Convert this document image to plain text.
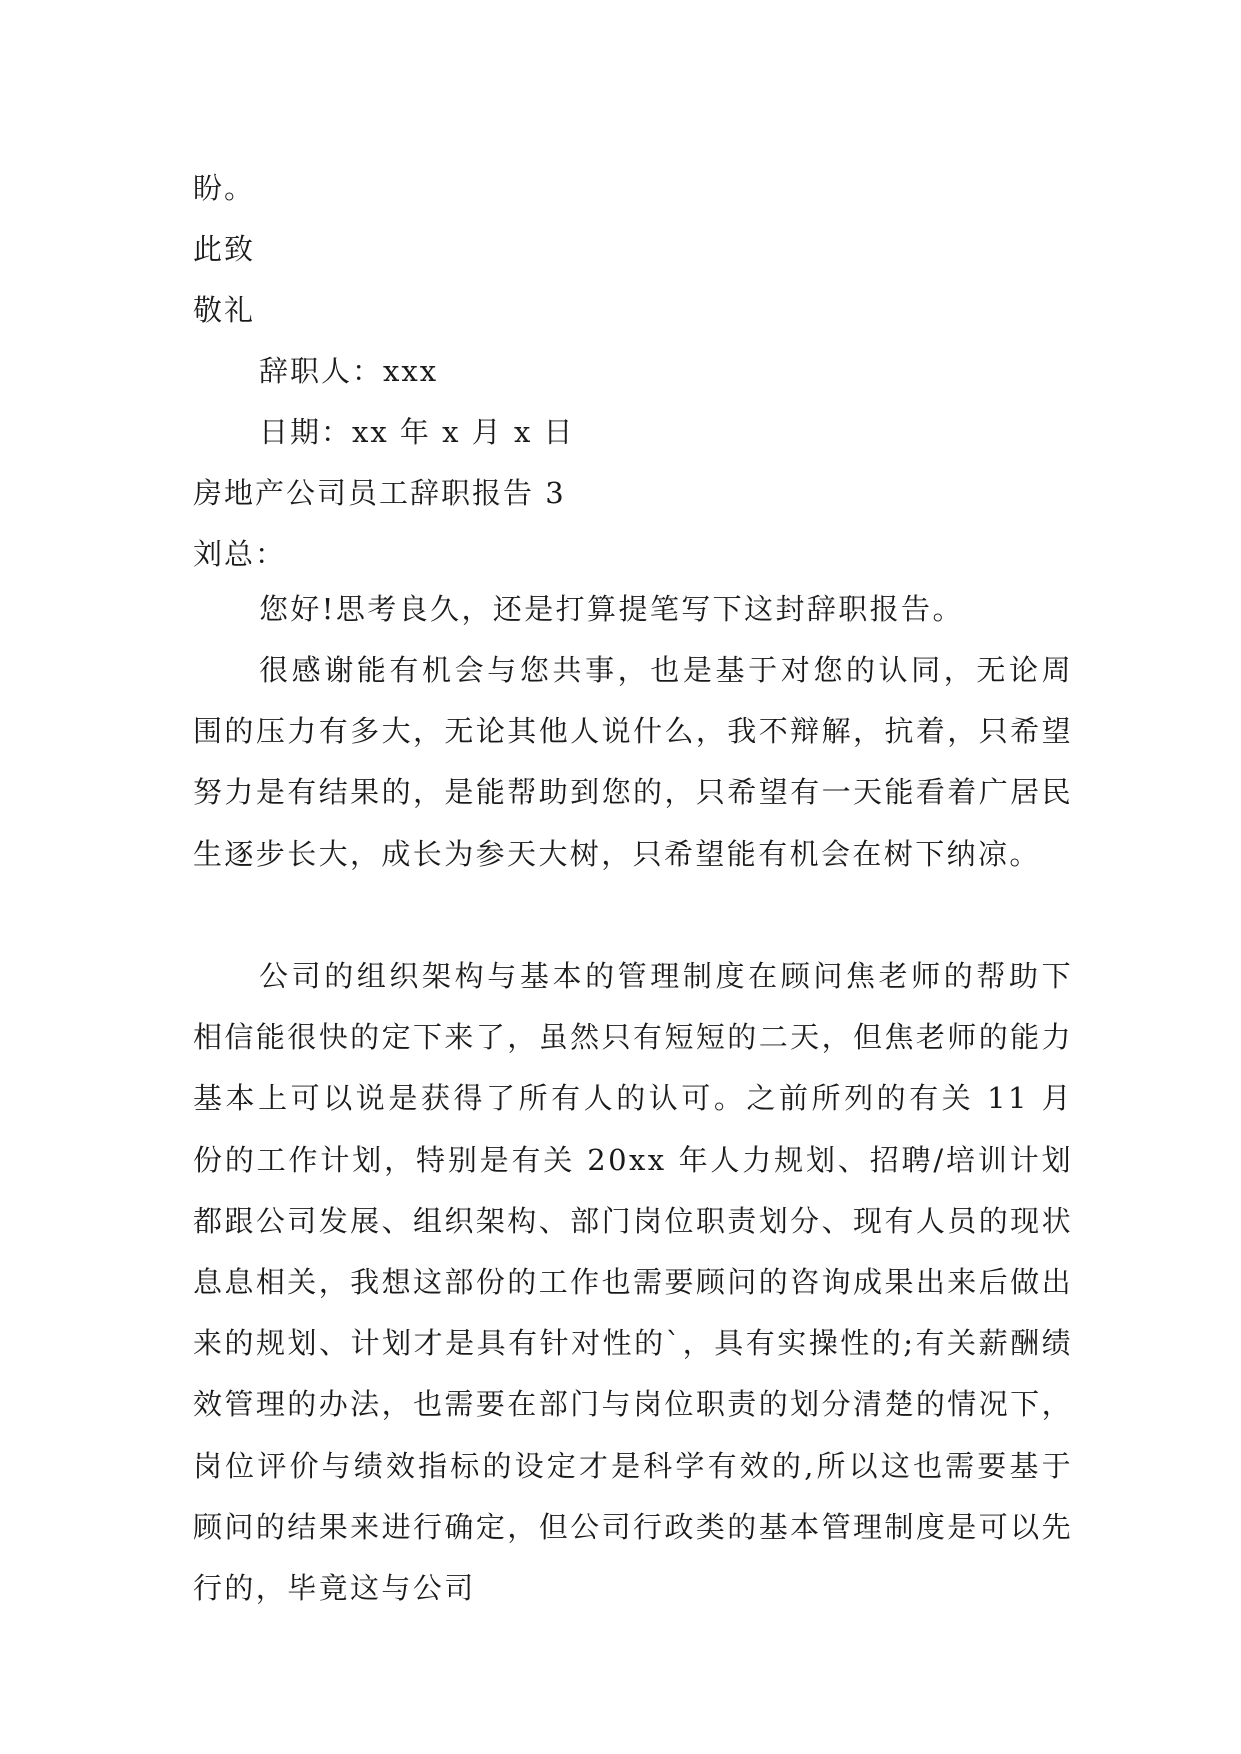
盼。
此致
敬礼
辞职人：xxx
日期：xx 年 x 月 x 日
房地产公司员工辞职报告 3
刘总：

您好!思考良久，还是打算提笔写下这封辞职报告。

很感谢能有机会与您共事，也是基于对您的认同，无论周围的压力有多大，无论其他人说什么，我不辩解，抗着，只希望努力是有结果的，是能帮助到您的，只希望有一天能看着广居民生逐步长大，成长为参天大树，只希望能有机会在树下纳凉。

公司的组织架构与基本的管理制度在顾问焦老师的帮助下相信能很快的定下来了，虽然只有短短的二天，但焦老师的能力基本上可以说是获得了所有人的认可。之前所列的有关 11 月份的工作计划，特别是有关 20xx 年人力规划、招聘/培训计划都跟公司发展、组织架构、部门岗位职责划分、现有人员的现状息息相关，我想这部份的工作也需要顾问的咨询成果出来后做出来的规划、计划才是具有针对性的`，具有实操性的;有关薪酬绩效管理的办法，也需要在部门与岗位职责的划分清楚的情况下，岗位评价与绩效指标的设定才是科学有效的,所以这也需要基于顾问的结果来进行确定，但公司行政类的基本管理制度是可以先行的，毕竟这与公司
